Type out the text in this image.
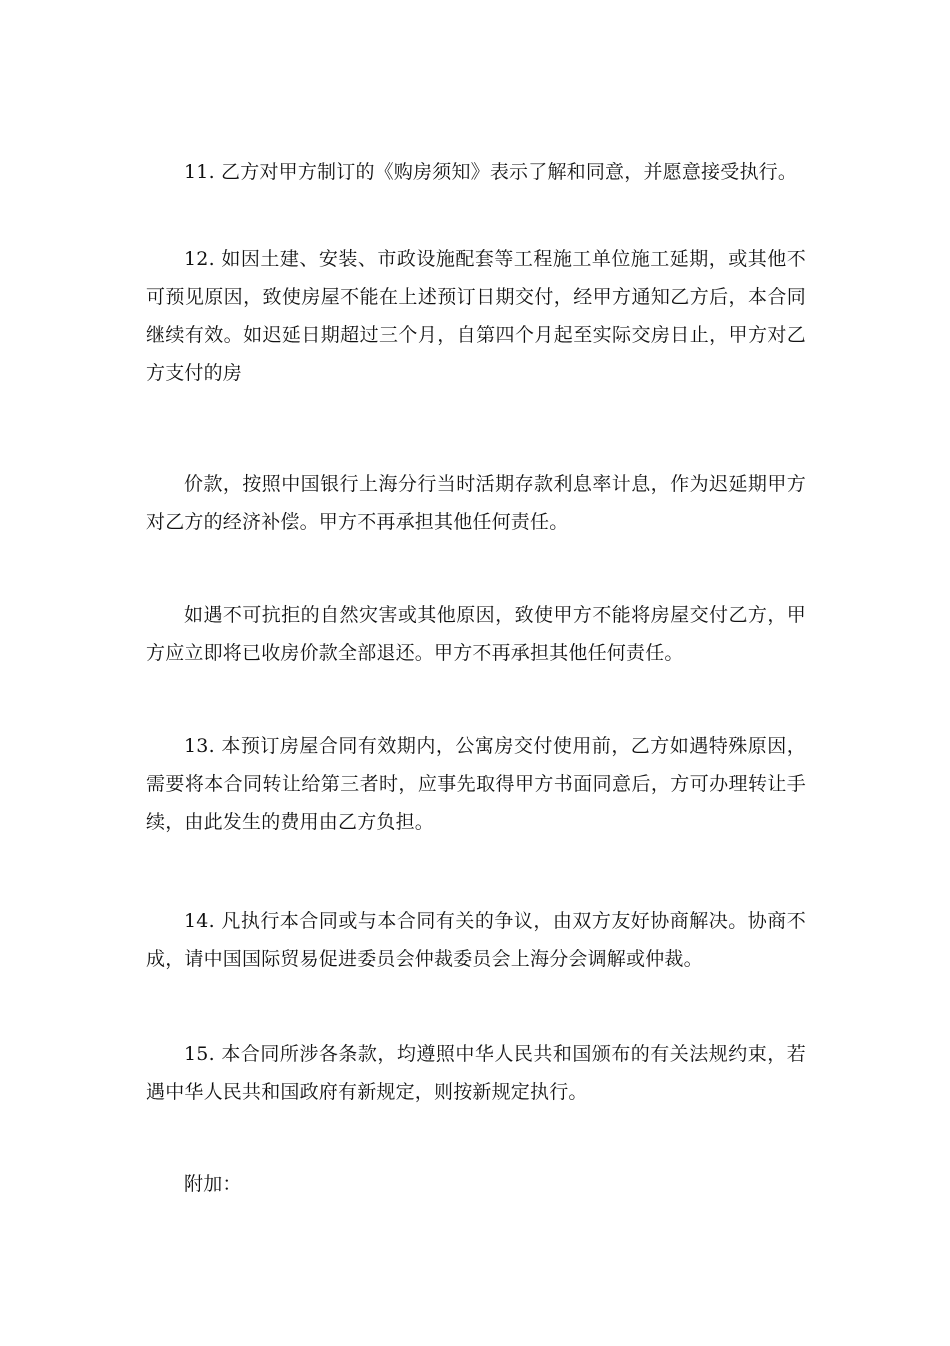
11. 乙方对甲方制订的《购房须知》表示了解和同意，并愿意接受执行。

12. 如因土建、安装、市政设施配套等工程施工单位施工延期，或其他不可预见原因，致使房屋不能在上述预订日期交付，经甲方通知乙方后，本合同继续有效。如迟延日期超过三个月，自第四个月起至实际交房日止，甲方对乙方支付的房

价款，按照中国银行上海分行当时活期存款利息率计息，作为迟延期甲方对乙方的经济补偿。甲方不再承担其他任何责任。

如遇不可抗拒的自然灾害或其他原因，致使甲方不能将房屋交付乙方，甲方应立即将已收房价款全部退还。甲方不再承担其他任何责任。

13. 本预订房屋合同有效期内，公寓房交付使用前，乙方如遇特殊原因，需要将本合同转让给第三者时，应事先取得甲方书面同意后，方可办理转让手续，由此发生的费用由乙方负担。

14. 凡执行本合同或与本合同有关的争议，由双方友好协商解决。协商不成，请中国国际贸易促进委员会仲裁委员会上海分会调解或仲裁。

15. 本合同所涉各条款，均遵照中华人民共和国颁布的有关法规约束，若遇中华人民共和国政府有新规定，则按新规定执行。

附加：
